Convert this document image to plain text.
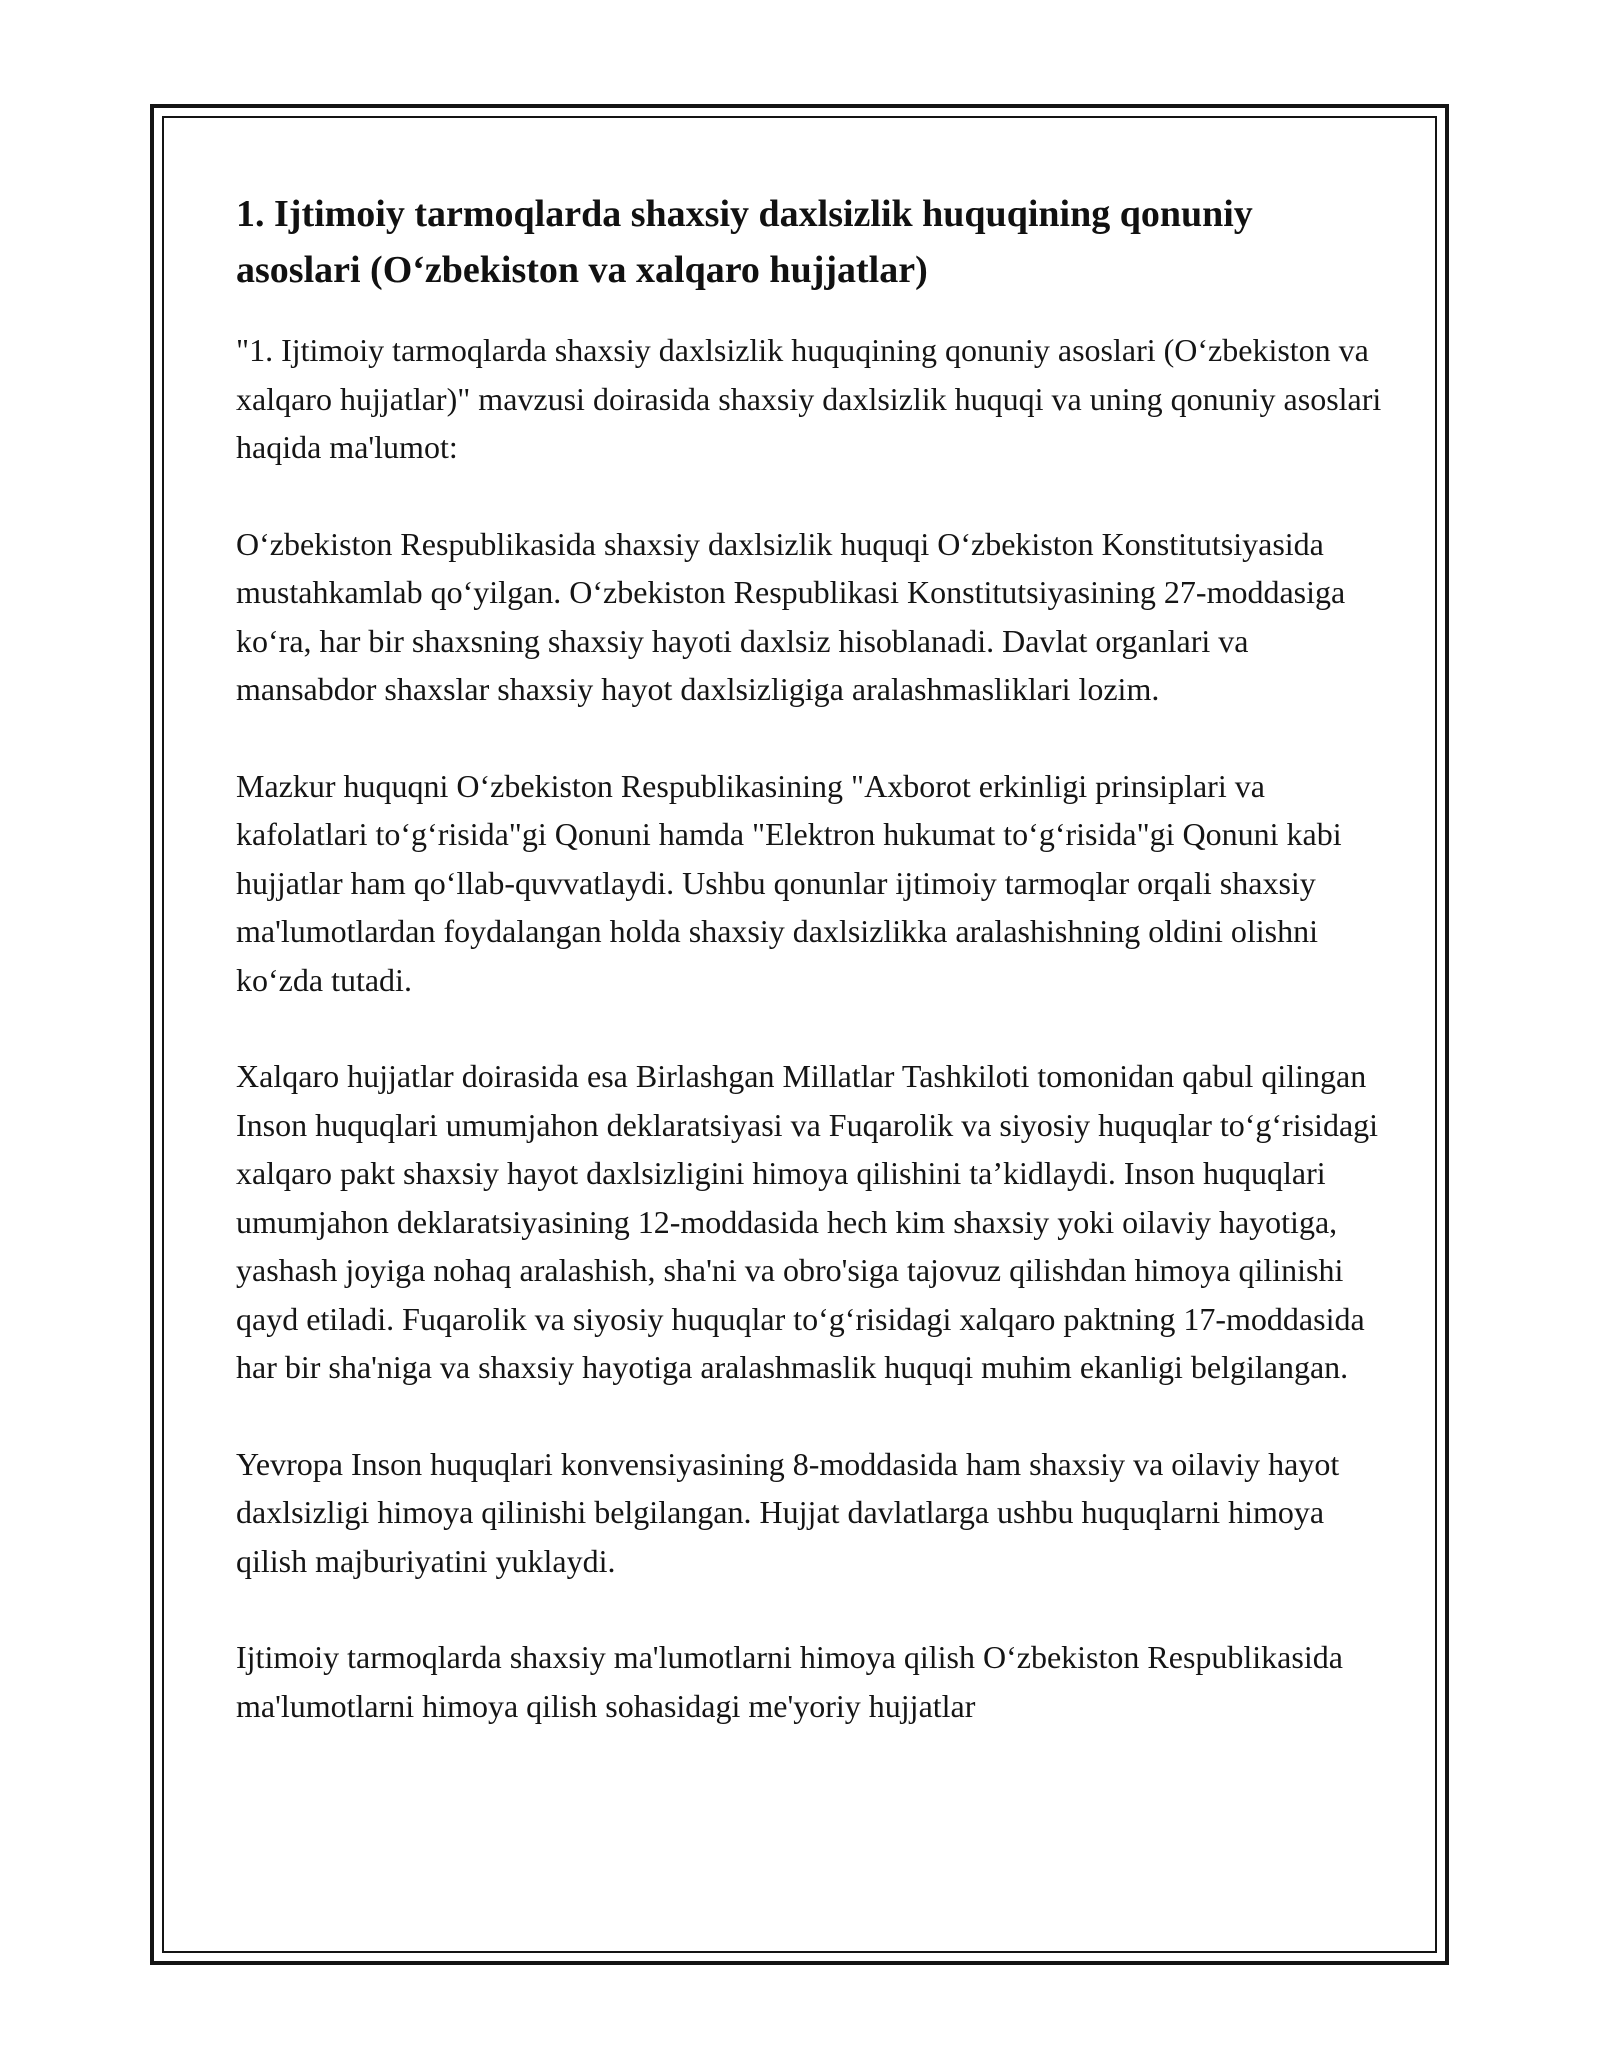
1. Ijtimoiy tarmoqlarda shaxsiy daxlsizlik huquqining qonuniy asoslari (O‘zbekiston va xalqaro hujjatlar)

"1. Ijtimoiy tarmoqlarda shaxsiy daxlsizlik huquqining qonuniy asoslari (O‘zbekiston va xalqaro hujjatlar)" mavzusi doirasida shaxsiy daxlsizlik huquqi va uning qonuniy asoslari haqida ma'lumot:

O‘zbekiston Respublikasida shaxsiy daxlsizlik huquqi O‘zbekiston Konstitutsiyasida mustahkamlab qo‘yilgan. O‘zbekiston Respublikasi Konstitutsiyasining 27-moddasiga ko‘ra, har bir shaxsning shaxsiy hayoti daxlsiz hisoblanadi. Davlat organlari va mansabdor shaxslar shaxsiy hayot daxlsizligiga aralashmasliklari lozim.

Mazkur huquqni O‘zbekiston Respublikasining "Axborot erkinligi prinsiplari va kafolatlari to‘g‘risida"gi Qonuni hamda "Elektron hukumat to‘g‘risida"gi Qonuni kabi hujjatlar ham qo‘llab-quvvatlaydi. Ushbu qonunlar ijtimoiy tarmoqlar orqali shaxsiy ma'lumotlardan foydalangan holda shaxsiy daxlsizlikka aralashishning oldini olishni ko‘zda tutadi.

Xalqaro hujjatlar doirasida esa Birlashgan Millatlar Tashkiloti tomonidan qabul qilingan Inson huquqlari umumjahon deklaratsiyasi va Fuqarolik va siyosiy huquqlar to‘g‘risidagi xalqaro pakt shaxsiy hayot daxlsizligini himoya qilishini ta’kidlaydi. Inson huquqlari umumjahon deklaratsiyasining 12-moddasida hech kim shaxsiy yoki oilaviy hayotiga, yashash joyiga nohaq aralashish, sha'ni va obro'siga tajovuz qilishdan himoya qilinishi qayd etiladi. Fuqarolik va siyosiy huquqlar to‘g‘risidagi xalqaro paktning 17-moddasida har bir sha'niga va shaxsiy hayotiga aralashmaslik huquqi muhim ekanligi belgilangan.

Yevropa Inson huquqlari konvensiyasining 8-moddasida ham shaxsiy va oilaviy hayot daxlsizligi himoya qilinishi belgilangan. Hujjat davlatlarga ushbu huquqlarni himoya qilish majburiyatini yuklaydi.

Ijtimoiy tarmoqlarda shaxsiy ma'lumotlarni himoya qilish O‘zbekiston Respublikasida ma'lumotlarni himoya qilish sohasidagi me'yoriy hujjatlar
